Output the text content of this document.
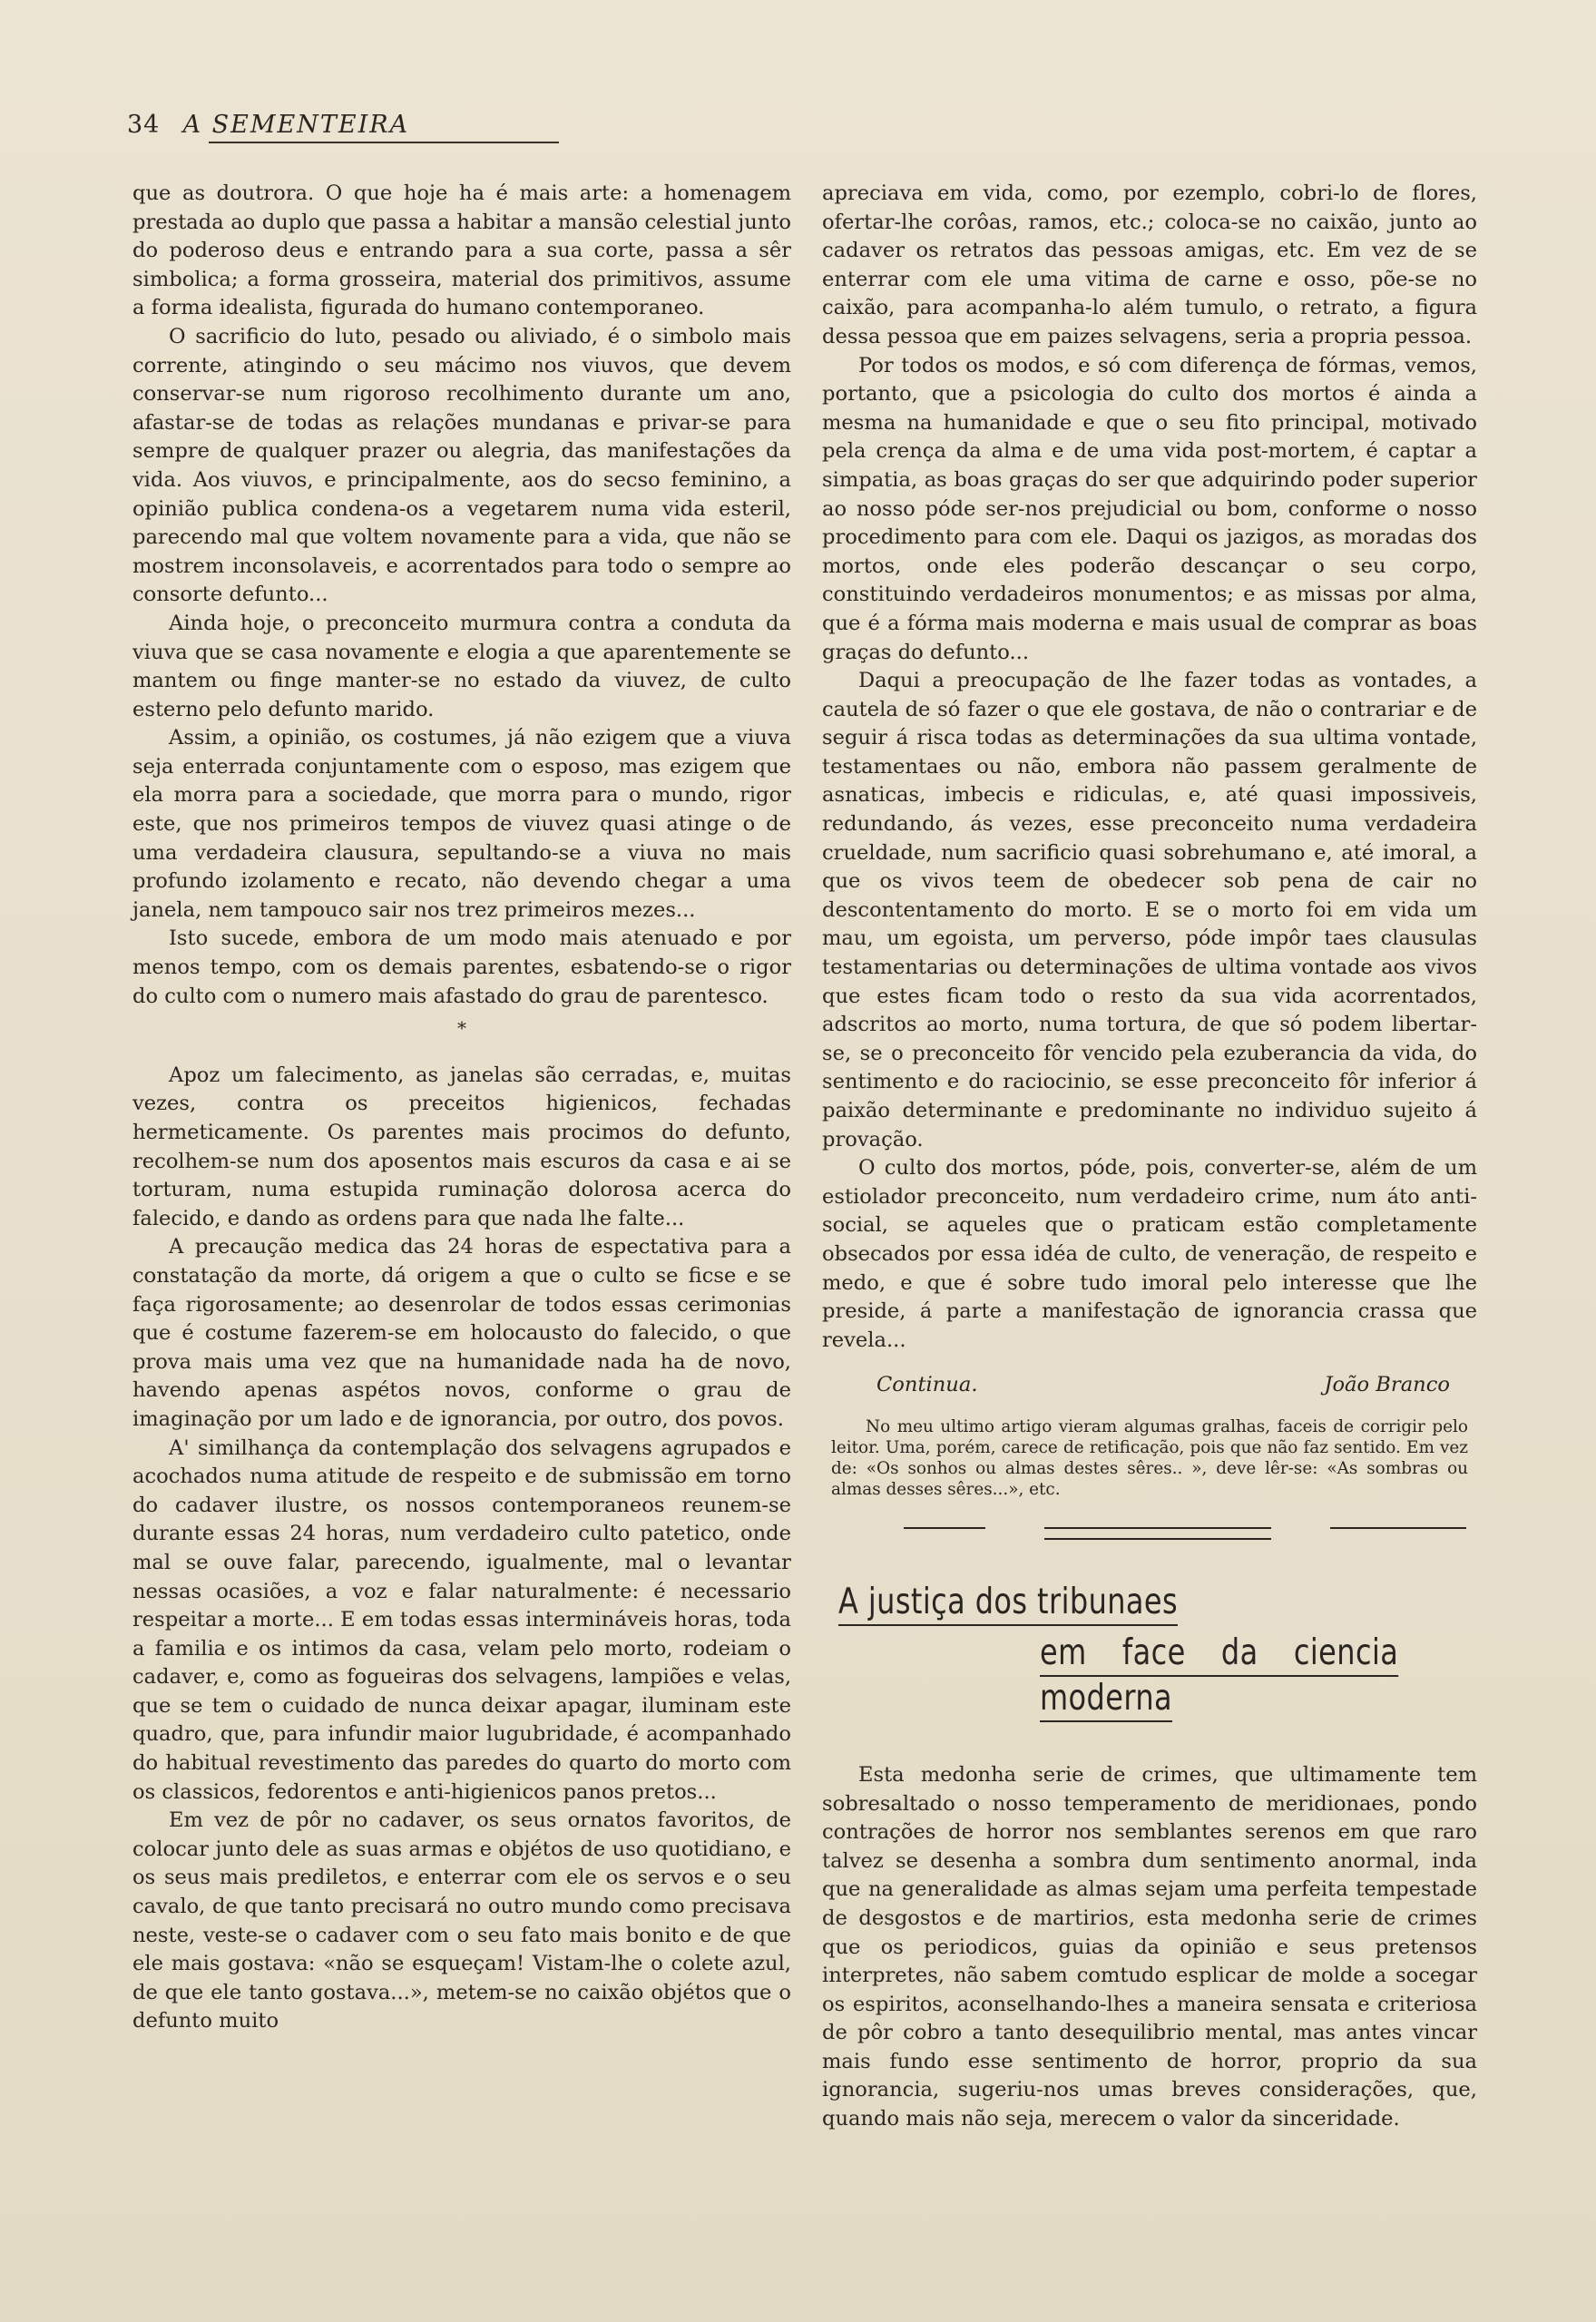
34 A SEMENTEIRA

que as doutrora. O que hoje ha é mais arte: a homenagem prestada ao duplo que passa a habitar a mansão celestial junto do poderoso deus e entrando para a sua corte, passa a sêr simbolica; a forma grosseira, material dos primitivos, assume a forma idealista, figurada do humano contemporaneo.

O sacrificio do luto, pesado ou aliviado, é o simbolo mais corrente, atingindo o seu mácimo nos viuvos, que devem conservar-se num rigoroso recolhimento durante um ano, afastar-se de todas as relações mundanas e privar-se para sempre de qualquer prazer ou alegria, das manifestações da vida. Aos viuvos, e principalmente, aos do secso feminino, a opinião publica condena-os a vegetarem numa vida esteril, parecendo mal que voltem novamente para a vida, que não se mostrem inconsolaveis, e acorrentados para todo o sempre ao consorte defunto...

Ainda hoje, o preconceito murmura contra a conduta da viuva que se casa novamente e elogia a que aparentemente se mantem ou finge manter-se no estado da viuvez, de culto esterno pelo defunto marido.

Assim, a opinião, os costumes, já não ezigem que a viuva seja enterrada conjuntamente com o esposo, mas ezigem que ela morra para a sociedade, que morra para o mundo, rigor este, que nos primeiros tempos de viuvez quasi atinge o de uma verdadeira clausura, sepultando-se a viuva no mais profundo izolamento e recato, não devendo chegar a uma janela, nem tampouco sair nos trez primeiros mezes...

Isto sucede, embora de um modo mais atenuado e por menos tempo, com os demais parentes, esbatendo-se o rigor do culto com o numero mais afastado do grau de parentesco.

*

Apoz um falecimento, as janelas são cerradas, e, muitas vezes, contra os preceitos higienicos, fechadas hermeticamente. Os parentes mais procimos do defunto, recolhem-se num dos aposentos mais escuros da casa e ai se torturam, numa estupida ruminação dolorosa acerca do falecido, e dando as ordens para que nada lhe falte...

A precaução medica das 24 horas de espectativa para a constatação da morte, dá origem a que o culto se ficse e se faça rigorosamente; ao desenrolar de todos essas cerimonias que é costume fazerem-se em holocausto do falecido, o que prova mais uma vez que na humanidade nada ha de novo, havendo apenas aspétos novos, conforme o grau de imaginação por um lado e de ignorancia, por outro, dos povos.

A' similhança da contemplação dos selvagens agrupados e acochados numa atitude de respeito e de submissão em torno do cadaver ilustre, os nossos contemporaneos reunem-se durante essas 24 horas, num verdadeiro culto patetico, onde mal se ouve falar, parecendo, igualmente, mal o levantar nessas ocasiões, a voz e falar naturalmente: é necessario respeitar a morte... E em todas essas intermináveis horas, toda a familia e os intimos da casa, velam pelo morto, rodeiam o cadaver, e, como as fogueiras dos selvagens, lampiões e velas, que se tem o cuidado de nunca deixar apagar, iluminam este quadro, que, para infundir maior lugubridade, é acompanhado do habitual revestimento das paredes do quarto do morto com os classicos, fedorentos e anti-higienicos panos pretos...

Em vez de pôr no cadaver, os seus ornatos favoritos, de colocar junto dele as suas armas e objétos de uso quotidiano, e os seus mais prediletos, e enterrar com ele os servos e o seu cavalo, de que tanto precisará no outro mundo como precisava neste, veste-se o cadaver com o seu fato mais bonito e de que ele mais gostava: «não se esqueçam! Vistam-lhe o colete azul, de que ele tanto gostava...», metem-se no caixão objétos que o defunto muito

apreciava em vida, como, por ezemplo, cobri-lo de flores, ofertar-lhe corôas, ramos, etc.; coloca-se no caixão, junto ao cadaver os retratos das pessoas amigas, etc. Em vez de se enterrar com ele uma vitima de carne e osso, põe-se no caixão, para acompanha-lo além tumulo, o retrato, a figura dessa pessoa que em paizes selvagens, seria a propria pessoa.

Por todos os modos, e só com diferença de fórmas, vemos, portanto, que a psicologia do culto dos mortos é ainda a mesma na humanidade e que o seu fito principal, motivado pela crença da alma e de uma vida post-mortem, é captar a simpatia, as boas graças do ser que adquirindo poder superior ao nosso póde ser-nos prejudicial ou bom, conforme o nosso procedimento para com ele. Daqui os jazigos, as moradas dos mortos, onde eles poderão descançar o seu corpo, constituindo verdadeiros monumentos; e as missas por alma, que é a fórma mais moderna e mais usual de comprar as boas graças do defunto...

Daqui a preocupação de lhe fazer todas as vontades, a cautela de só fazer o que ele gostava, de não o contrariar e de seguir á risca todas as determinações da sua ultima vontade, testamentaes ou não, embora não passem geralmente de asnaticas, imbecis e ridiculas, e, até quasi impossiveis, redundando, ás vezes, esse preconceito numa verdadeira crueldade, num sacrificio quasi sobrehumano e, até imoral, a que os vivos teem de obedecer sob pena de cair no descontentamento do morto. E se o morto foi em vida um mau, um egoista, um perverso, póde impôr taes clausulas testamentarias ou determinações de ultima vontade aos vivos que estes ficam todo o resto da sua vida acorrentados, adscritos ao morto, numa tortura, de que só podem libertar-se, se o preconceito fôr vencido pela ezuberancia da vida, do sentimento e do raciocinio, se esse preconceito fôr inferior á paixão determinante e predominante no individuo sujeito á provação.

O culto dos mortos, póde, pois, converter-se, além de um estiolador preconceito, num verdadeiro crime, num áto anti-social, se aqueles que o praticam estão completamente obsecados por essa idéa de culto, de veneração, de respeito e medo, e que é sobre tudo imoral pelo interesse que lhe preside, á parte a manifestação de ignorancia crassa que revela...

Continua.	João Branco

No meu ultimo artigo vieram algumas gralhas, faceis de corrigir pelo leitor. Uma, porém, carece de retificação, pois que não faz sentido. Em vez de: «Os sonhos ou almas destes sêres.. », deve lêr-se: «As sombras ou almas desses sêres...», etc.

A justiça dos tribunaes
em face da ciencia moderna

Esta medonha serie de crimes, que ultimamente tem sobresaltado o nosso temperamento de meridionaes, pondo contrações de horror nos semblantes serenos em que raro talvez se desenha a sombra dum sentimento anormal, inda que na generalidade as almas sejam uma perfeita tempestade de desgostos e de martirios, esta medonha serie de crimes que os periodicos, guias da opinião e seus pretensos interpretes, não sabem comtudo esplicar de molde a socegar os espiritos, aconselhando-lhes a maneira sensata e criteriosa de pôr cobro a tanto desequilibrio mental, mas antes vincar mais fundo esse sentimento de horror, proprio da sua ignorancia, sugeriu-nos umas breves considerações, que, quando mais não seja, merecem o valor da sinceridade.
